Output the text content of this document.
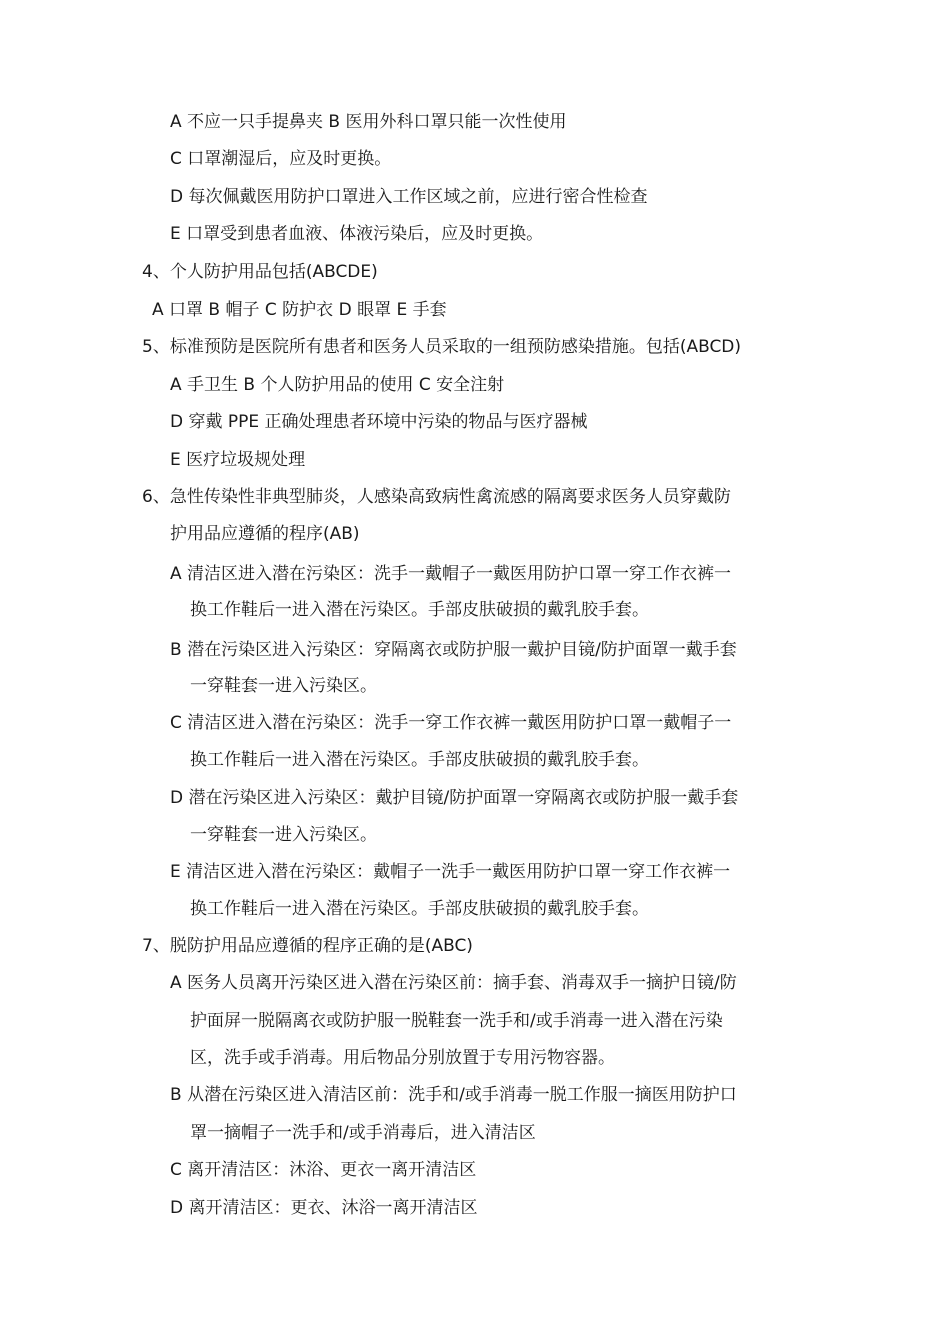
A 不应一只手提鼻夹 B 医用外科口罩只能一次性使用
C 口罩潮湿后，应及时更换。
D 每次佩戴医用防护口罩进入工作区域之前，应进行密合性检查
E 口罩受到患者血液、体液污染后，应及时更换。
4、个人防护用品包括(ABCDE)
A 口罩 B 帽子 C 防护衣 D 眼罩 E 手套
5、标准预防是医院所有患者和医务人员采取的一组预防感染措施。包括(ABCD)
A 手卫生 B 个人防护用品的使用 C 安全注射
D 穿戴 PPE 正确处理患者环境中污染的物品与医疗器械
E 医疗垃圾规处理
6、急性传染性非典型肺炎，人感染高致病性禽流感的隔离要求医务人员穿戴防
护用品应遵循的程序(AB)
A 清洁区进入潜在污染区：洗手一戴帽子一戴医用防护口罩一穿工作衣裤一
换工作鞋后一进入潜在污染区。手部皮肤破损的戴乳胶手套。
B 潜在污染区进入污染区：穿隔离衣或防护服一戴护目镜/防护面罩一戴手套
一穿鞋套一进入污染区。
C 清洁区进入潜在污染区：洗手一穿工作衣裤一戴医用防护口罩一戴帽子一
换工作鞋后一进入潜在污染区。手部皮肤破损的戴乳胶手套。
D 潜在污染区进入污染区：戴护目镜/防护面罩一穿隔离衣或防护服一戴手套
一穿鞋套一进入污染区。
E 清洁区进入潜在污染区：戴帽子一洗手一戴医用防护口罩一穿工作衣裤一
换工作鞋后一进入潜在污染区。手部皮肤破损的戴乳胶手套。
7、脱防护用品应遵循的程序正确的是(ABC)
A 医务人员离开污染区进入潜在污染区前：摘手套、消毒双手一摘护日镜/防
护面屏一脱隔离衣或防护服一脱鞋套一洗手和/或手消毒一进入潜在污染
区，洗手或手消毒。用后物品分别放置于专用污物容器。
B 从潜在污染区进入清洁区前：洗手和/或手消毒一脱工作服一摘医用防护口
罩一摘帽子一洗手和/或手消毒后，进入清洁区
C 离开清洁区：沐浴、更衣一离开清洁区
D 离开清洁区：更衣、沐浴一离开清洁区
